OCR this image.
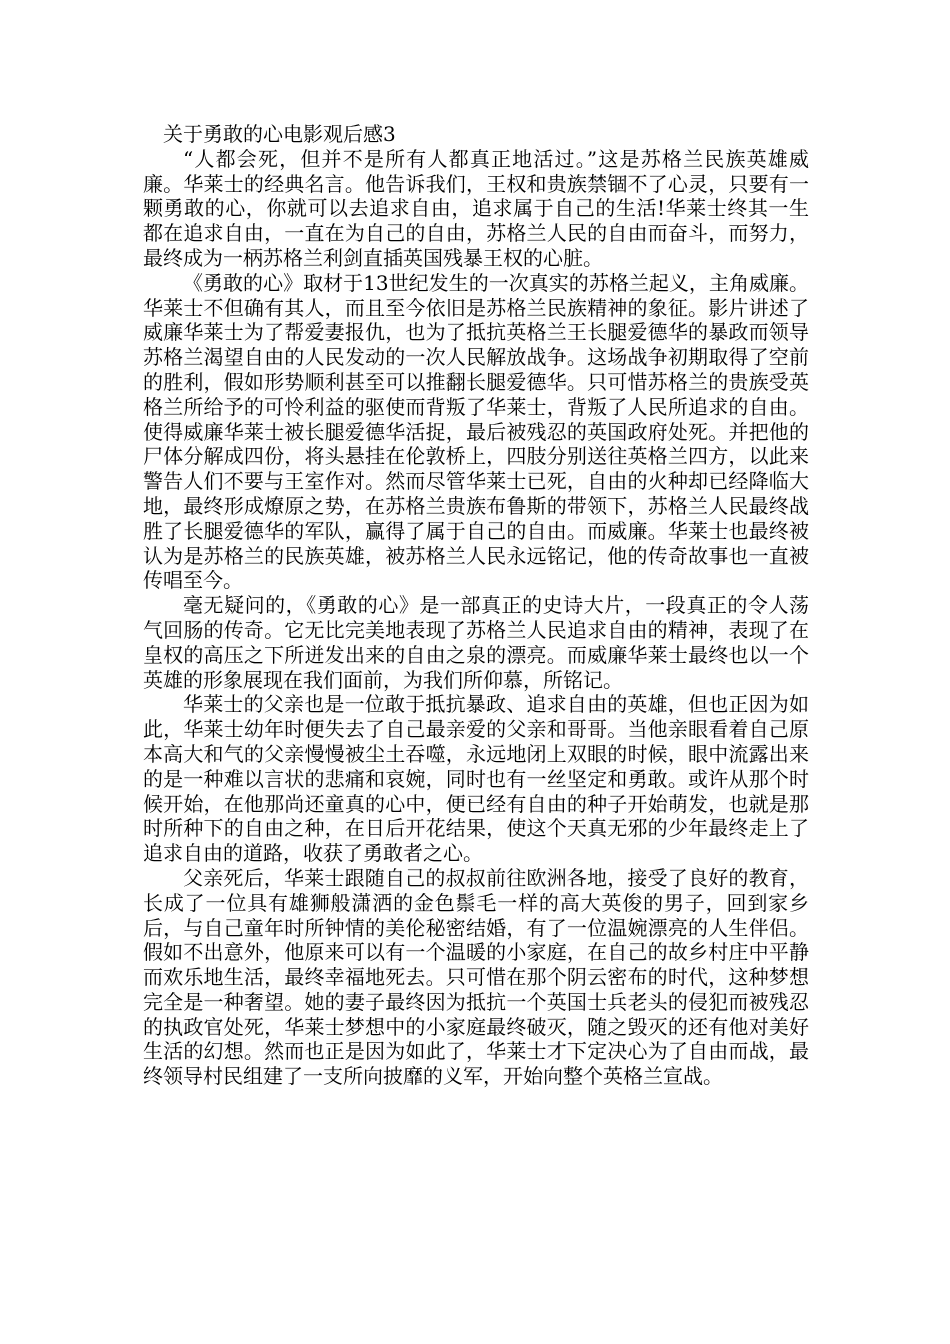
关于勇敢的心电影观后感3

“人都会死，但并不是所有人都真正地活过。”这是苏格兰民族英雄威廉。华莱士的经典名言。他告诉我们，王权和贵族禁锢不了心灵，只要有一颗勇敢的心，你就可以去追求自由，追求属于自己的生活!华莱士终其一生都在追求自由，一直在为自己的自由，苏格兰人民的自由而奋斗，而努力，最终成为一柄苏格兰利剑直插英国残暴王权的心脏。

《勇敢的心》取材于13世纪发生的一次真实的苏格兰起义，主角威廉。华莱士不但确有其人，而且至今依旧是苏格兰民族精神的象征。影片讲述了威廉华莱士为了帮爱妻报仇，也为了抵抗英格兰王长腿爱德华的暴政而领导苏格兰渴望自由的人民发动的一次人民解放战争。这场战争初期取得了空前的胜利，假如形势顺利甚至可以推翻长腿爱德华。只可惜苏格兰的贵族受英格兰所给予的可怜利益的驱使而背叛了华莱士，背叛了人民所追求的自由。使得威廉华莱士被长腿爱德华活捉，最后被残忍的英国政府处死。并把他的尸体分解成四份，将头悬挂在伦敦桥上，四肢分别送往英格兰四方，以此来警告人们不要与王室作对。然而尽管华莱士已死，自由的火种却已经降临大地，最终形成燎原之势，在苏格兰贵族布鲁斯的带领下，苏格兰人民最终战胜了长腿爱德华的军队，赢得了属于自己的自由。而威廉。华莱士也最终被认为是苏格兰的民族英雄，被苏格兰人民永远铭记，他的传奇故事也一直被传唱至今。

毫无疑问的，《勇敢的心》是一部真正的史诗大片，一段真正的令人荡气回肠的传奇。它无比完美地表现了苏格兰人民追求自由的精神，表现了在皇权的高压之下所迸发出来的自由之泉的漂亮。而威廉华莱士最终也以一个英雄的形象展现在我们面前，为我们所仰慕，所铭记。

华莱士的父亲也是一位敢于抵抗暴政、追求自由的英雄，但也正因为如此，华莱士幼年时便失去了自己最亲爱的父亲和哥哥。当他亲眼看着自己原本高大和气的父亲慢慢被尘土吞噬，永远地闭上双眼的时候，眼中流露出来的是一种难以言状的悲痛和哀婉，同时也有一丝坚定和勇敢。或许从那个时候开始，在他那尚还童真的心中，便已经有自由的种子开始萌发，也就是那时所种下的自由之种，在日后开花结果，使这个天真无邪的少年最终走上了追求自由的道路，收获了勇敢者之心。

父亲死后，华莱士跟随自己的叔叔前往欧洲各地，接受了良好的教育，长成了一位具有雄狮般潇洒的金色鬃毛一样的高大英俊的男子，回到家乡后，与自己童年时所钟情的美伦秘密结婚，有了一位温婉漂亮的人生伴侣。假如不出意外，他原来可以有一个温暖的小家庭，在自己的故乡村庄中平静而欢乐地生活，最终幸福地死去。只可惜在那个阴云密布的时代，这种梦想完全是一种奢望。她的妻子最终因为抵抗一个英国士兵老头的侵犯而被残忍的执政官处死，华莱士梦想中的小家庭最终破灭，随之毁灭的还有他对美好生活的幻想。然而也正是因为如此了，华莱士才下定决心为了自由而战，最终领导村民组建了一支所向披靡的义军，开始向整个英格兰宣战。
